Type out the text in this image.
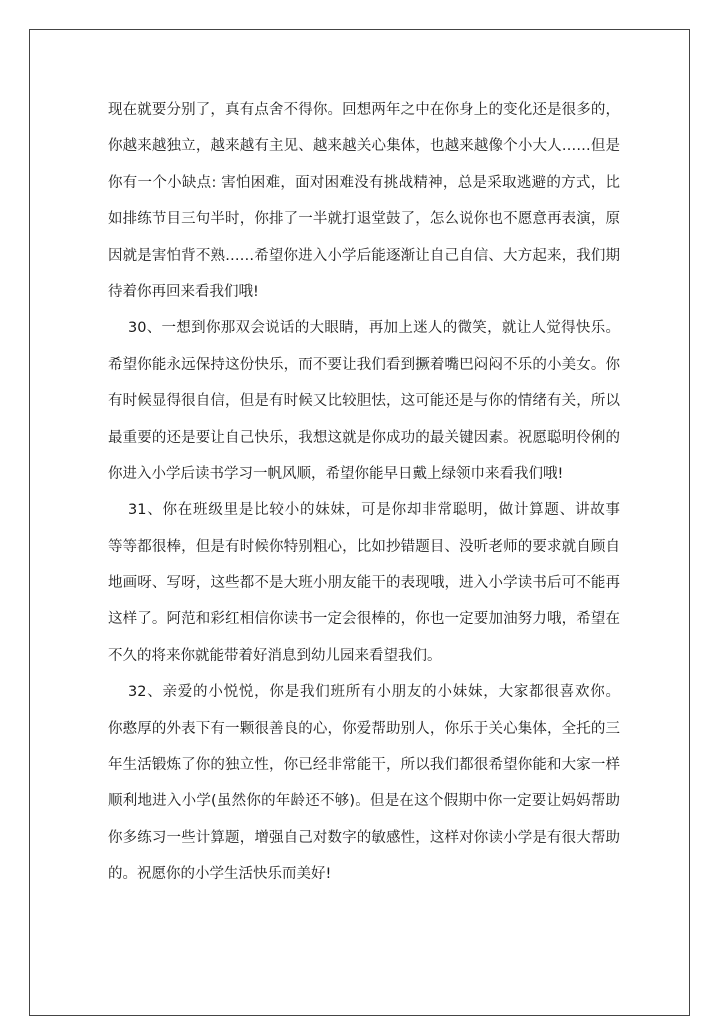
现在就要分别了，真有点舍不得你。回想两年之中在你身上的变化还是很多的，
你越来越独立，越来越有主见、越来越关心集体，也越来越像个小大人……但是
你有一个小缺点: 害怕困难，面对困难没有挑战精神，总是采取逃避的方式，比
如排练节目三句半时，你排了一半就打退堂鼓了，怎么说你也不愿意再表演，原
因就是害怕背不熟……希望你进入小学后能逐渐让自己自信、大方起来，我们期
待着你再回来看我们哦!
30、一想到你那双会说话的大眼睛，再加上迷人的微笑，就让人觉得快乐。
希望你能永远保持这份快乐，而不要让我们看到撅着嘴巴闷闷不乐的小美女。你
有时候显得很自信，但是有时候又比较胆怯，这可能还是与你的情绪有关，所以
最重要的还是要让自己快乐，我想这就是你成功的最关键因素。祝愿聪明伶俐的
你进入小学后读书学习一帆风顺，希望你能早日戴上绿领巾来看我们哦!
31、你在班级里是比较小的妹妹，可是你却非常聪明，做计算题、讲故事
等等都很棒，但是有时候你特别粗心，比如抄错题目、没听老师的要求就自顾自
地画呀、写呀，这些都不是大班小朋友能干的表现哦，进入小学读书后可不能再
这样了。阿范和彩红相信你读书一定会很棒的，你也一定要加油努力哦，希望在
不久的将来你就能带着好消息到幼儿园来看望我们。
32、亲爱的小悦悦，你是我们班所有小朋友的小妹妹，大家都很喜欢你。
你憨厚的外表下有一颗很善良的心，你爱帮助别人，你乐于关心集体，全托的三
年生活锻炼了你的独立性，你已经非常能干，所以我们都很希望你能和大家一样
顺利地进入小学(虽然你的年龄还不够)。但是在这个假期中你一定要让妈妈帮助
你多练习一些计算题，增强自己对数字的敏感性，这样对你读小学是有很大帮助
的。祝愿你的小学生活快乐而美好!
